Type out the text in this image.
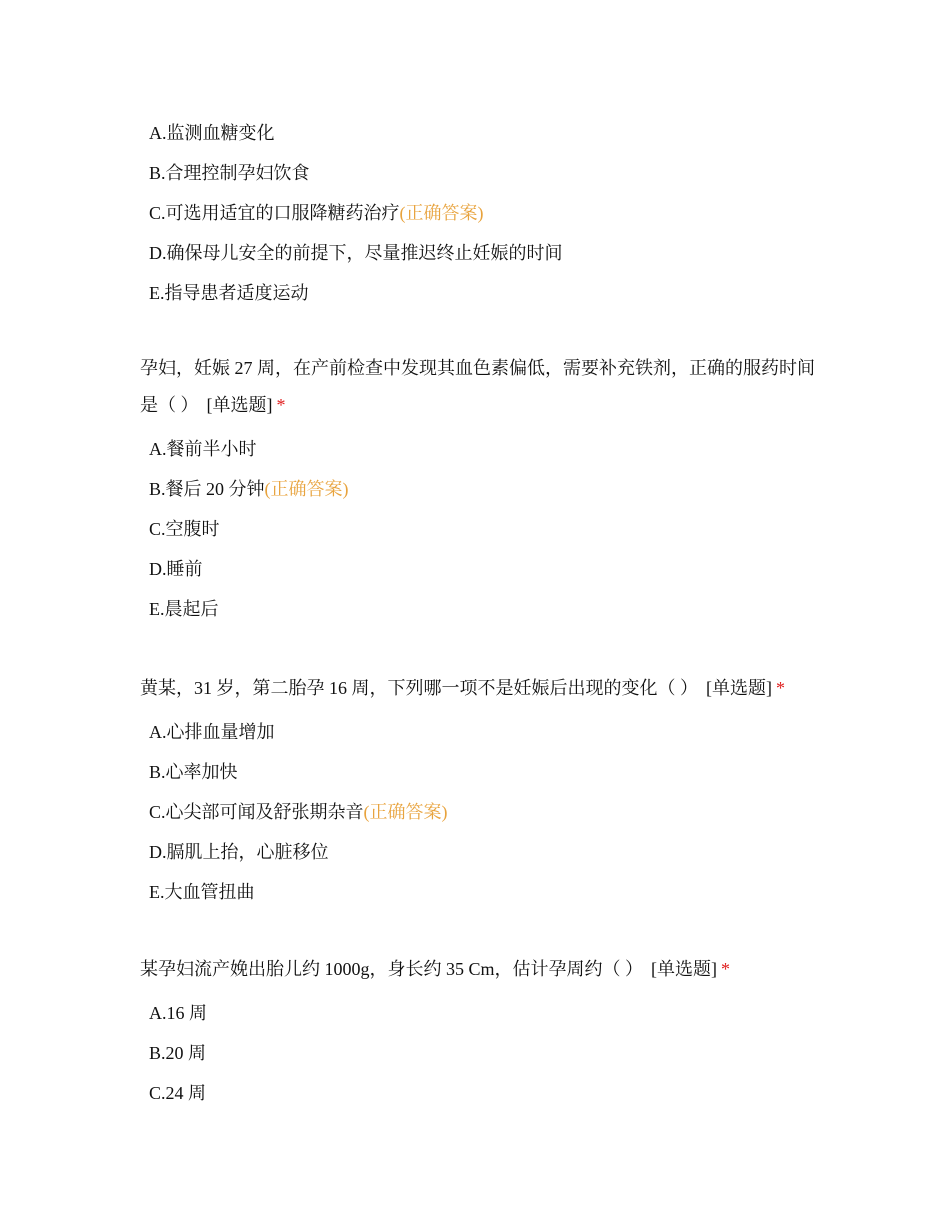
A.监测血糖变化
B.合理控制孕妇饮食
C.可选用适宜的口服降糖药治疗(正确答案)
D.确保母儿安全的前提下，尽量推迟终止妊娠的时间
E.指导患者适度运动

孕妇，妊娠 27 周，在产前检查中发现其血色素偏低，需要补充铁剂，正确的服药时间是（ ） [单选题] *

A.餐前半小时
B.餐后 20 分钟(正确答案)
C.空腹时
D.睡前
E.晨起后

黄某，31 岁，第二胎孕 16 周，下列哪一项不是妊娠后出现的变化（ ） [单选题] *

A.心排血量增加
B.心率加快
C.心尖部可闻及舒张期杂音(正确答案)
D.膈肌上抬，心脏移位
E.大血管扭曲

某孕妇流产娩出胎儿约 1000g，身长约 35 Cm，估计孕周约（ ） [单选题] *

A.16 周
B.20 周
C.24 周
